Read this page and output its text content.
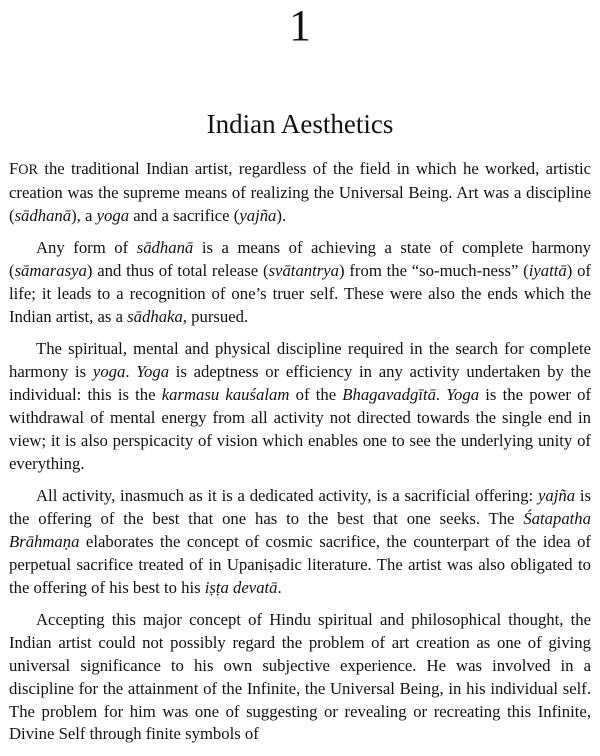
1
Indian Aesthetics

FOR the traditional Indian artist, regardless of the field in which he worked, artistic creation was the supreme means of realizing the Universal Being. Art was a discipline (sādhanā), a yoga and a sacrifice (yajña).

Any form of sādhanā is a means of achieving a state of complete harmony (sāmarasya) and thus of total release (svātantrya) from the “so-much-ness” (iyattā) of life; it leads to a recognition of one’s truer self. These were also the ends which the Indian artist, as a sādhaka, pursued.

The spiritual, mental and physical discipline required in the search for complete harmony is yoga. Yoga is adeptness or efficiency in any activity undertaken by the individual: this is the karmasu kauśalam of the Bhagavadgītā. Yoga is the power of withdrawal of mental energy from all activity not directed towards the single end in view; it is also perspicacity of vision which enables one to see the underlying unity of everything.

All activity, inasmuch as it is a dedicated activity, is a sacrificial offering: yajña is the offering of the best that one has to the best that one seeks. The Śatapatha Brāhmaṇa elaborates the concept of cosmic sacrifice, the counterpart of the idea of perpetual sacrifice treated of in Upaniṣadic literature. The artist was also obligated to the offering of his best to his iṣṭa devatā.

Accepting this major concept of Hindu spiritual and philosophical thought, the Indian artist could not possibly regard the problem of art creation as one of giving universal significance to his own subjective experience. He was involved in a discipline for the attainment of the Infinite, the Universal Being, in his individual self. The problem for him was one of suggesting or revealing or recreating this Infinite, Divine Self through finite symbols of
